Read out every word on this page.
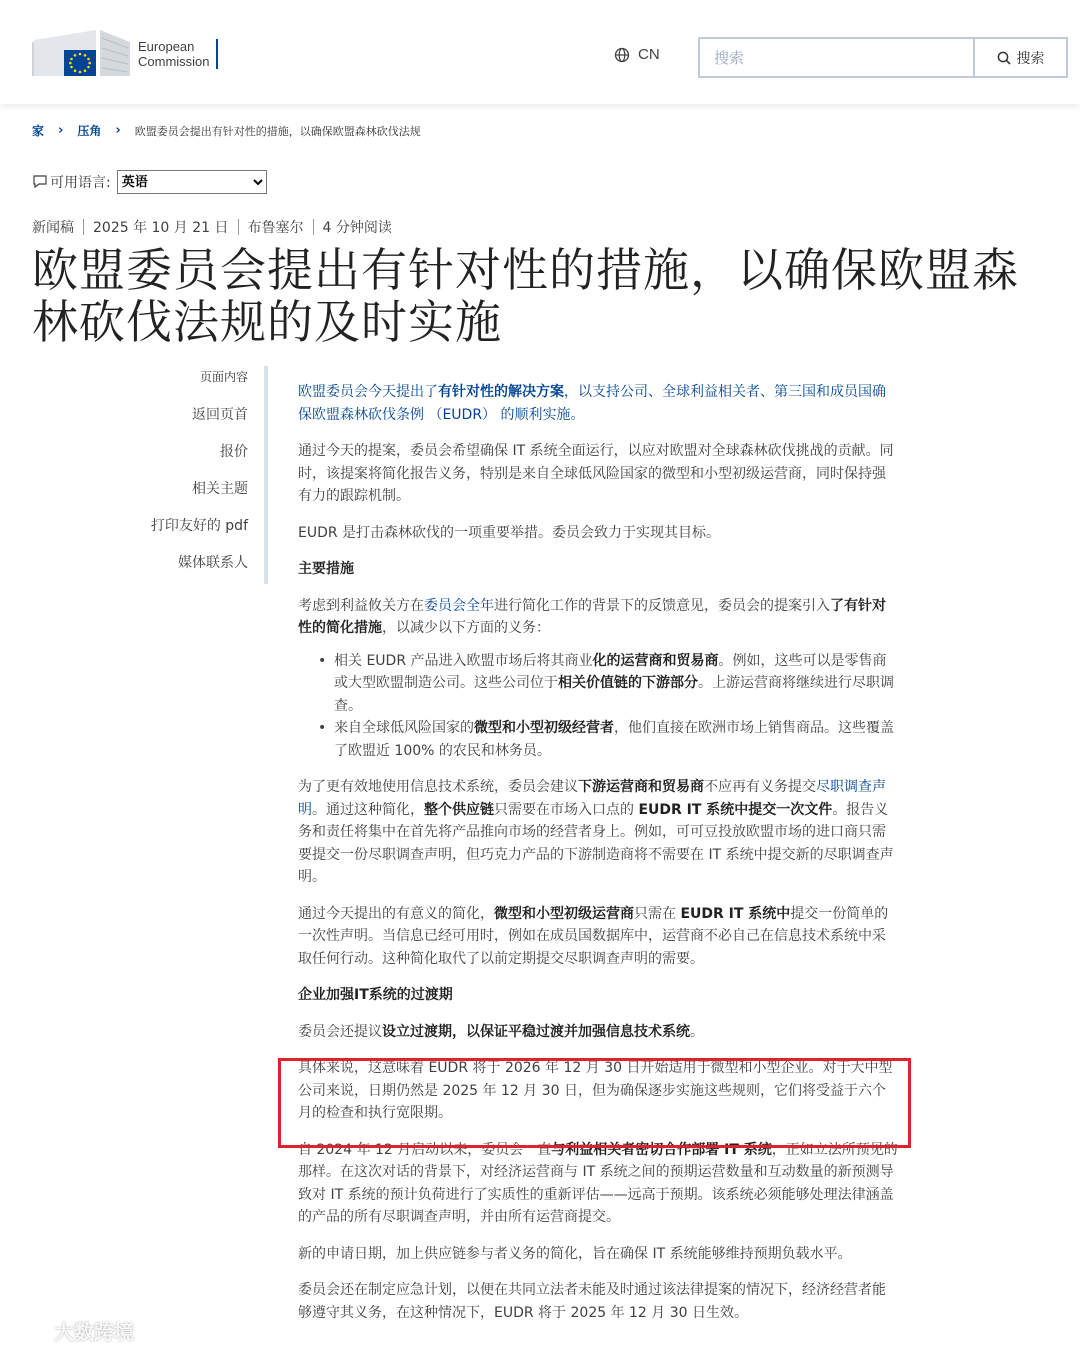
European
Commission	CN
搜索	搜索
家 › 压角 › 欧盟委员会提出有针对性的措施，以确保欧盟森林砍伐法规
可用语言:
英语
新闻稿 2025 年 10 月 21 日 布鲁塞尔 4 分钟阅读
欧盟委员会提出有针对性的措施，以确保欧盟森林砍伐法规的及时实施
页面内容
返回页首
报价
相关主题
打印友好的 pdf
媒体联系人

欧盟委员会今天提出了有针对性的解决方案，以支持公司、全球利益相关者、第三国和成员国确保欧盟森林砍伐条例 （EUDR） 的顺利实施。

通过今天的提案，委员会希望确保 IT 系统全面运行，以应对欧盟对全球森林砍伐挑战的贡献。同时，该提案将简化报告义务，特别是来自全球低风险国家的微型和小型初级运营商，同时保持强有力的跟踪机制。

EUDR 是打击森林砍伐的一项重要举措。委员会致力于实现其目标。

主要措施

考虑到利益攸关方在委员会全年进行简化工作的背景下的反馈意见，委员会的提案引入了有针对性的简化措施，以减少以下方面的义务：

• 相关 EUDR 产品进入欧盟市场后将其商业化的运营商和贸易商。例如，这些可以是零售商或大型欧盟制造公司。这些公司位于相关价值链的下游部分。上游运营商将继续进行尽职调查。
• 来自全球低风险国家的微型和小型初级经营者，他们直接在欧洲市场上销售商品。这些覆盖了欧盟近 100% 的农民和林务员。

为了更有效地使用信息技术系统，委员会建议下游运营商和贸易商不应再有义务提交尽职调查声明。通过这种简化，整个供应链只需要在市场入口点的 EUDR IT 系统中提交一次文件。报告义务和责任将集中在首先将产品推向市场的经营者身上。例如，可可豆投放欧盟市场的进口商只需要提交一份尽职调查声明，但巧克力产品的下游制造商将不需要在 IT 系统中提交新的尽职调查声明。

通过今天提出的有意义的简化，微型和小型初级运营商只需在 EUDR IT 系统中提交一份简单的一次性声明。当信息已经可用时，例如在成员国数据库中，运营商不必自己在信息技术系统中采取任何行动。这种简化取代了以前定期提交尽职调查声明的需要。

企业加强IT系统的过渡期

委员会还提议设立过渡期，以保证平稳过渡并加强信息技术系统。

具体来说，这意味着 EUDR 将于 2026 年 12 月 30 日开始适用于微型和小型企业。对于大中型公司来说，日期仍然是 2025 年 12 月 30 日，但为确保逐步实施这些规则，它们将受益于六个月的检查和执行宽限期。

自 2024 年 12 月启动以来，委员会一直与利益相关者密切合作部署 IT 系统，正如立法所预见的那样。在这次对话的背景下，对经济运营商与 IT 系统之间的预期运营数量和互动数量的新预测导致对 IT 系统的预计负荷进行了实质性的重新评估——远高于预期。该系统必须能够处理法律涵盖的产品的所有尽职调查声明，并由所有运营商提交。

新的申请日期，加上供应链参与者义务的简化，旨在确保 IT 系统能够维持预期负载水平。

委员会还在制定应急计划，以便在共同立法者未能及时通过该法律提案的情况下，经济经营者能够遵守其义务，在这种情况下，EUDR 将于 2025 年 12 月 30 日生效。

大数跨境
